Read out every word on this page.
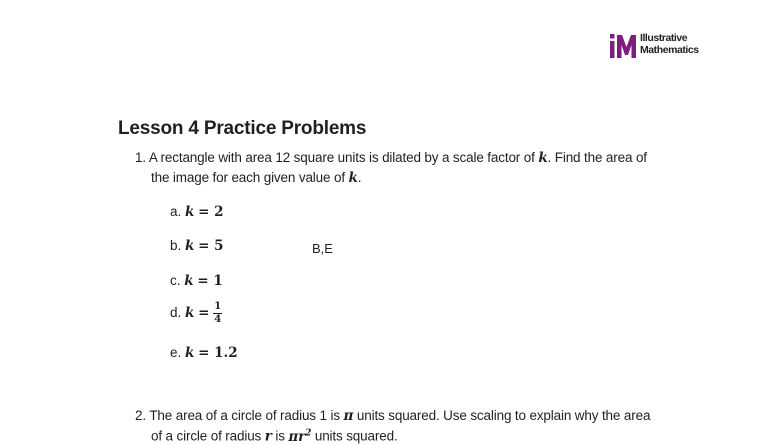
Illustrative
Mathematics
Lesson 4 Practice Problems
1. A rectangle with area 12 square units is dilated by a scale factor of k. Find the area of
the image for each given value of k.
a. k = 2
b. k = 5	B,E
c. k = 1
d. $k = \frac{1}{4}$
e. k = 1.2
2. The area of a circle of radius 1 is π units squared. Use scaling to explain why the area
of a circle of radius r is $\pi r^2$ units squared.
